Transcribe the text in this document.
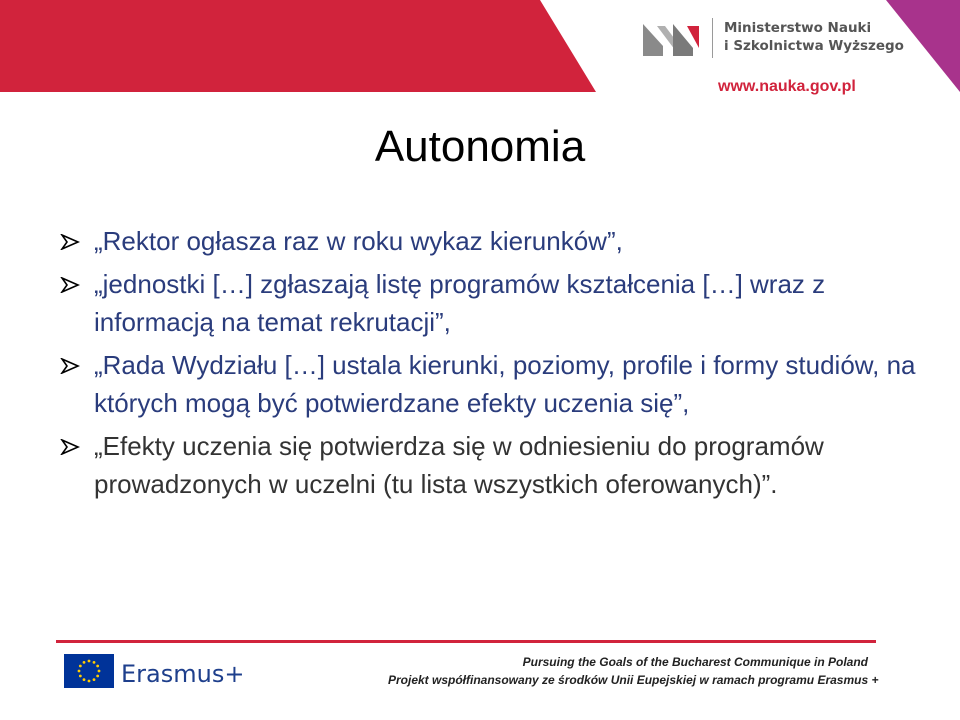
Ministerstwo Nauki
i Szkolnictwa Wyższego
www.nauka.gov.pl
Autonomia
„Rektor ogłasza raz w roku wykaz kierunków”,
„jednostki […] zgłaszają listę programów kształcenia […] wraz z informacją na temat rekrutacji”,
„Rada Wydziału […] ustala kierunki, poziomy, profile i formy studiów, na których mogą być potwierdzane efekty uczenia się”,
„Efekty uczenia się potwierdza się w odniesieniu do programów prowadzonych w uczelni (tu lista wszystkich oferowanych)”.
Erasmus+	Pursuing the Goals of the Bucharest Communique in Poland
Projekt współfinansowany ze środków Unii Eupejskiej w ramach programu Erasmus +
